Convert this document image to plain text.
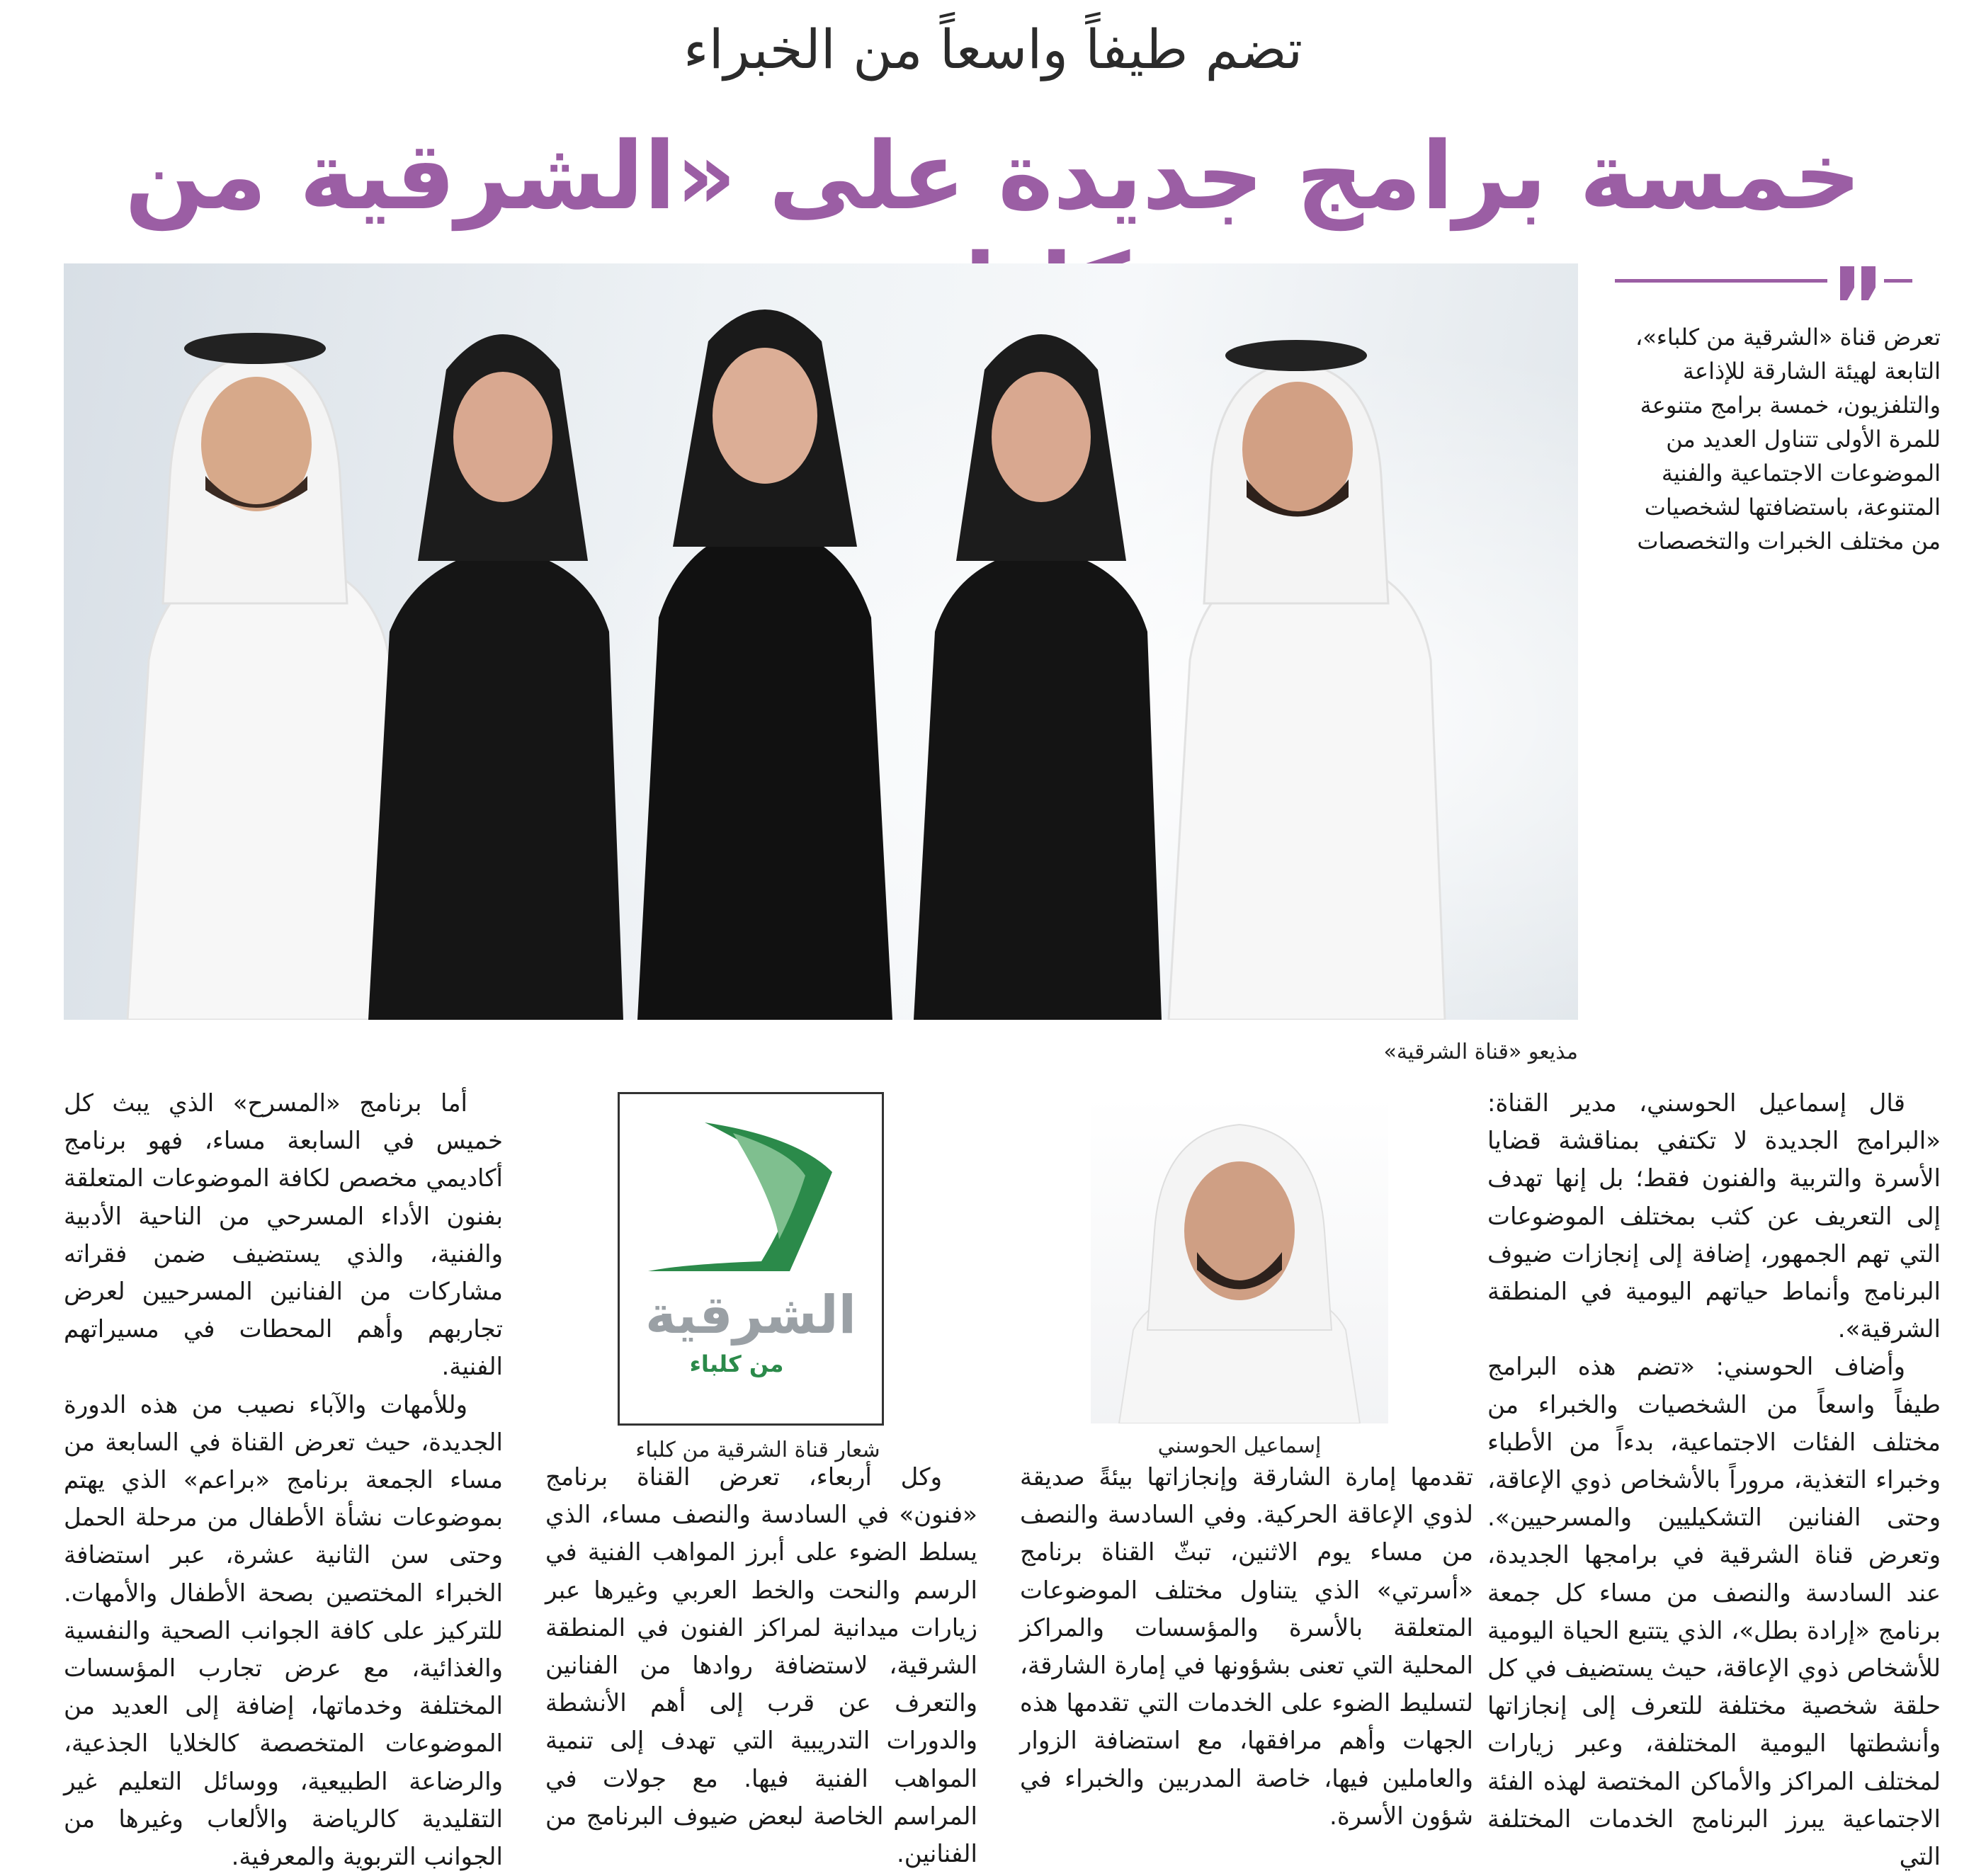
تضم طيفاً واسعاً من الخبراء
خمسة برامج جديدة على «الشرقية من
مذيعو «قناة الشرقية»
تعرض قناة «الشرقية من كلباء»، التابعة لهيئة الشارقة للإذاعة والتلفزيون، خمسة برامج متنوعة للمرة الأولى تتناول العديد من الموضوعات الاجتماعية والفنية المتنوعة، باستضافتها لشخصيات من مختلف الخبرات والتخصصات

قال إسماعيل الحوسني، مدير القناة: «البرامج الجديدة لا تكتفي بمناقشة قضايا الأسرة والتربية والفنون فقط؛ بل إنها تهدف إلى التعريف عن كثب بمختلف الموضوعات التي تهم الجمهور، إضافة إلى إنجازات ضيوف البرنامج وأنماط حياتهم اليومية في المنطقة الشرقية».

وأضاف الحوسني: «تضم هذه البرامج طيفاً واسعاً من الشخصيات والخبراء من مختلف الفئات الاجتماعية، بدءاً من الأطباء وخبراء التغذية، مروراً بالأشخاص ذوي الإعاقة، وحتى الفنانين التشكيليين والمسرحيين». وتعرض قناة الشرقية في برامجها الجديدة، عند السادسة والنصف من مساء كل جمعة برنامج «إرادة بطل»، الذي يتتبع الحياة اليومية للأشخاص ذوي الإعاقة، حيث يستضيف في كل حلقة شخصية مختلفة للتعرف إلى إنجازاتها وأنشطتها اليومية المختلفة، وعبر زيارات لمختلف المراكز والأماكن المختصة لهذه الفئة الاجتماعية يبرز البرنامج الخدمات المختلفة التي

إسماعيل الحوسني

تقدمها إمارة الشارقة وإنجازاتها بيئةً صديقة لذوي الإعاقة الحركية. وفي السادسة والنصف من مساء يوم الاثنين، تبثّ القناة برنامج «أسرتي» الذي يتناول مختلف الموضوعات المتعلقة بالأسرة والمؤسسات والمراكز المحلية التي تعنى بشؤونها في إمارة الشارقة، لتسليط الضوء على الخدمات التي تقدمها هذه الجهات وأهم مرافقها، مع استضافة الزوار والعاملين فيها، خاصة المدربين والخبراء في شؤون الأسرة.

الشرقية
من كلباء
شعار قناة الشرقية من كلباء

وكل أربعاء، تعرض القناة برنامج «فنون» في السادسة والنصف مساء، الذي يسلط الضوء على أبرز المواهب الفنية في الرسم والنحت والخط العربي وغيرها عبر زيارات ميدانية لمراكز الفنون في المنطقة الشرقية، لاستضافة روادها من الفنانين والتعرف عن قرب إلى أهم الأنشطة والدورات التدريبية التي تهدف إلى تنمية المواهب الفنية فيها. مع جولات في المراسم الخاصة لبعض ضيوف البرنامج من الفنانين.

أما برنامج «المسرح» الذي يبث كل خميس في السابعة مساء، فهو برنامج أكاديمي مخصص لكافة الموضوعات المتعلقة بفنون الأداء المسرحي من الناحية الأدبية والفنية، والذي يستضيف ضمن فقراته مشاركات من الفنانين المسرحيين لعرض تجاربهم وأهم المحطات في مسيراتهم الفنية.

وللأمهات والآباء نصيب من هذه الدورة الجديدة، حيث تعرض القناة في السابعة من مساء الجمعة برنامج «براعم» الذي يهتم بموضوعات نشأة الأطفال من مرحلة الحمل وحتى سن الثانية عشرة، عبر استضافة الخبراء المختصين بصحة الأطفال والأمهات. للتركيز على كافة الجوانب الصحية والنفسية والغذائية، مع عرض تجارب المؤسسات المختلفة وخدماتها، إضافة إلى العديد من الموضوعات المتخصصة كالخلايا الجذعية، والرضاعة الطبيعية، ووسائل التعليم غير التقليدية كالرياضة والألعاب وغيرها من الجوانب التربوية والمعرفية.
